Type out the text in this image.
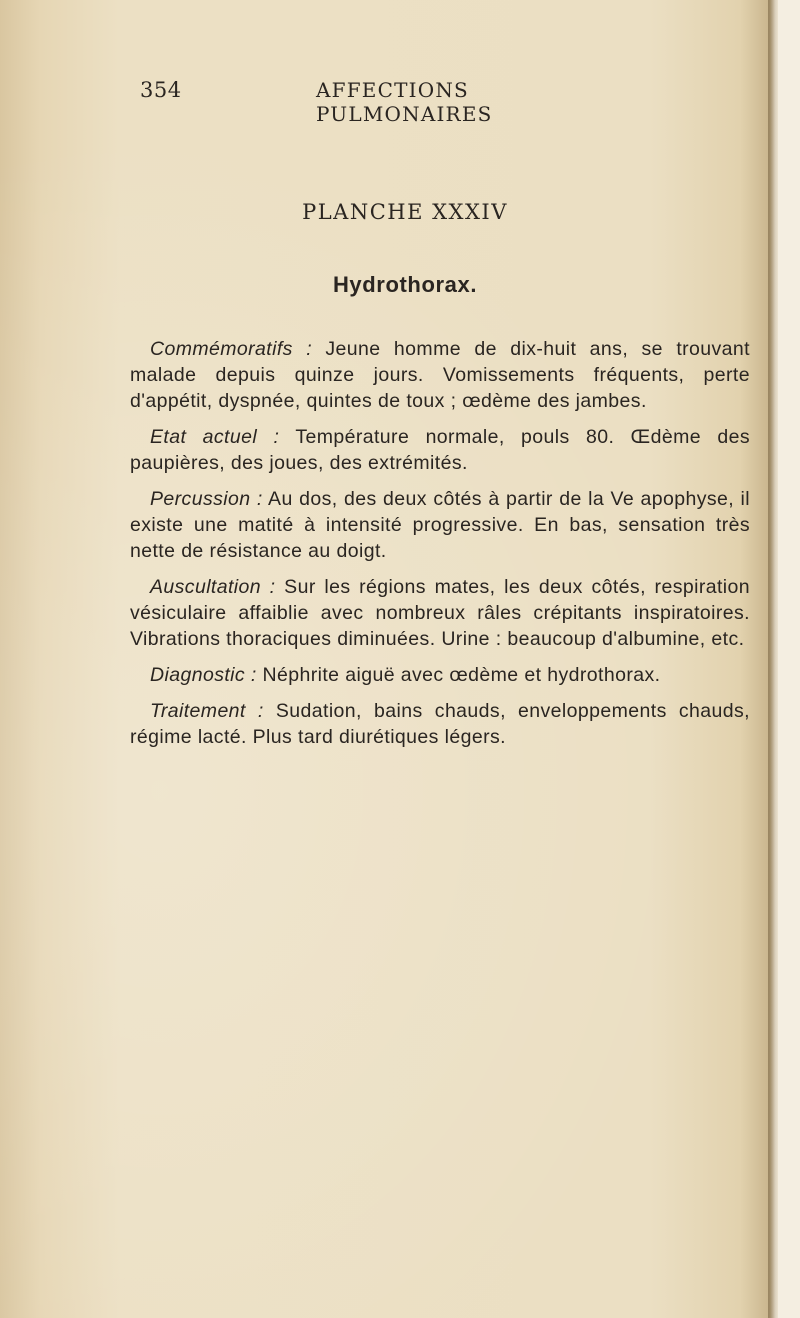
354	AFFECTIONS PULMONAIRES
PLANCHE XXXIV
Hydrothorax.

Commémoratifs : Jeune homme de dix-huit ans, se trouvant malade depuis quinze jours. Vomissements fréquents, perte d'appétit, dyspnée, quintes de toux ; œdème des jambes.

Etat actuel : Température normale, pouls 80. Œdème des paupières, des joues, des extrémités.

Percussion : Au dos, des deux côtés à partir de la Ve apophyse, il existe une matité à intensité progressive. En bas, sensation très nette de résistance au doigt.

Auscultation : Sur les régions mates, les deux côtés, respiration vésiculaire affaiblie avec nombreux râles crépitants inspiratoires. Vibrations thoraciques diminuées. Urine : beaucoup d'albumine, etc.

Diagnostic : Néphrite aiguë avec œdème et hydrothorax.

Traitement : Sudation, bains chauds, enveloppements chauds, régime lacté. Plus tard diurétiques légers.
